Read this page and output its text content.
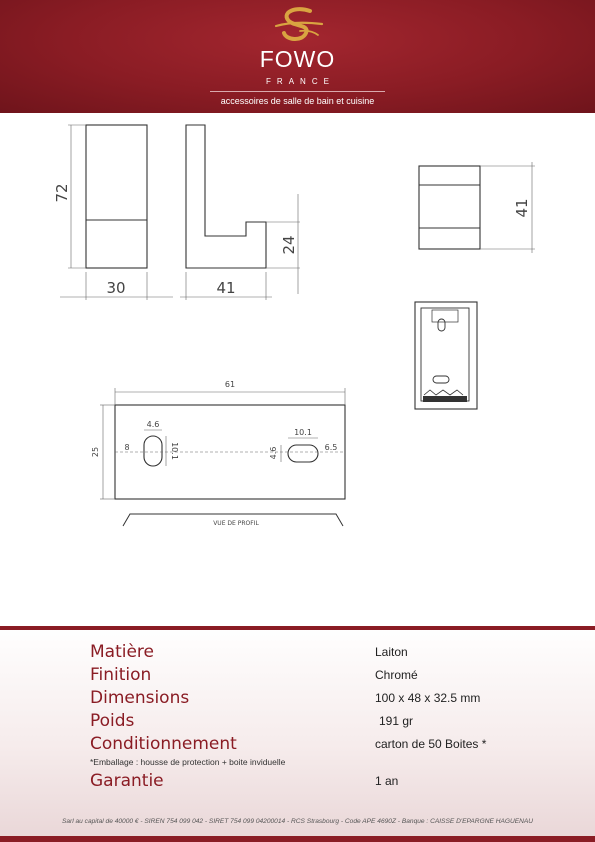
FOWO
FRANCE
accessoires de salle de bain et cuisine
72
30
24
41
41
61
25
4.6
10.1
8
10.1
4.6	6.5
VUE DE PROFIL
Matière	Laiton
Finition	Chromé
Dimensions	100 x 48 x 32.5 mm
Poids	191 gr
Conditionnement	carton de 50 Boites *
*Emballage : housse de protection + boite inviduelle
Garantie	1 an
Sarl au capital de 40000 € - SIREN 754 099 042 - SIRET 754 099 04200014 - RCS Strasbourg - Code APE 4690Z - Banque : CAISSE D'EPARGNE HAGUENAU
